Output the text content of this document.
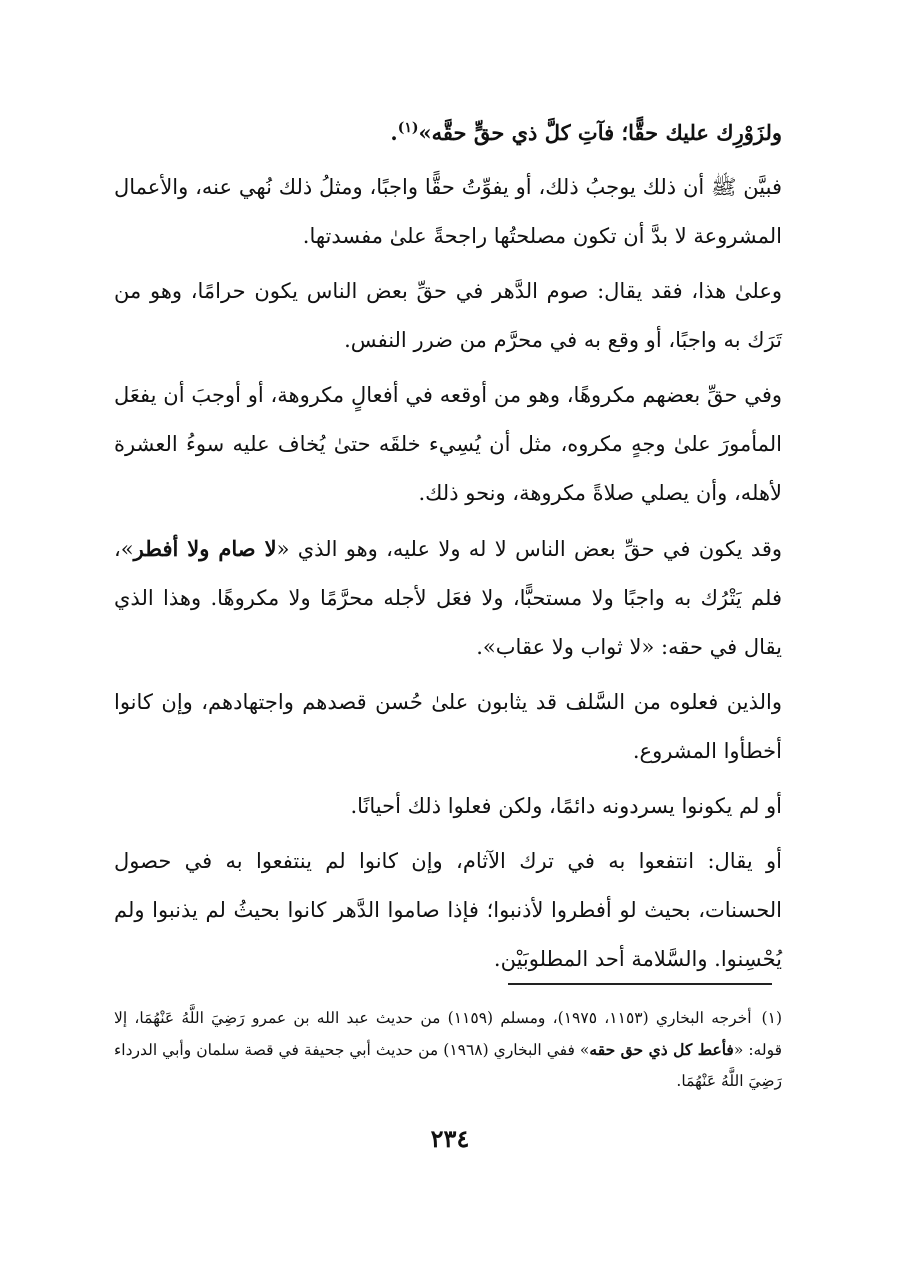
ولزَوْرِك عليك حقًّا؛ فآتِ كلَّ ذي حقٍّ حقَّه»$^{(١)}$.

فبيَّن ﷺ أن ذلك يوجبُ ذلك، أو يفوِّتُ حقًّا واجبًا، ومثلُ ذلك نُهي عنه، والأعمال المشروعة لا بدَّ أن تكون مصلحتُها راجحةً علىٰ مفسدتها.

وعلىٰ هذا، فقد يقال: صوم الدَّهر في حقِّ بعض الناس يكون حرامًا، وهو من تَرَك به واجبًا، أو وقع به في محرَّم من ضرر النفس.

وفي حقِّ بعضهم مكروهًا، وهو من أوقعه في أفعالٍ مكروهة، أو أوجبَ أن يفعَل المأمورَ علىٰ وجهٍ مكروه، مثل أن يُسِيء خلقَه حتىٰ يُخاف عليه سوءُ العشرة لأهله، وأن يصلي صلاةً مكروهة، ونحو ذلك.

وقد يكون في حقِّ بعض الناس لا له ولا عليه، وهو الذي «لا صام ولا أفطر»، فلم يَتْرُك به واجبًا ولا مستحبًّا، ولا فعَل لأجله محرَّمًا ولا مكروهًا. وهذا الذي يقال في حقه: «لا ثواب ولا عقاب».

والذين فعلوه من السَّلف قد يثابون علىٰ حُسن قصدهم واجتهادهم، وإن كانوا أخطأوا المشروع.

أو لم يكونوا يسردونه دائمًا، ولكن فعلوا ذلك أحيانًا.

أو يقال: انتفعوا به في ترك الآثام، وإن كانوا لم ينتفعوا به في حصول الحسنات، بحيث لو أفطروا لأذنبوا؛ فإذا صاموا الدَّهر كانوا بحيثُ لم يذنبوا ولم يُحْسِنوا. والسَّلامة أحد المطلوبَيْن.

(١)أخرجه البخاري (١١٥٣، ١٩٧٥)، ومسلم (١١٥٩) من حديث عبد الله بن عمرو رَضِيَ اللَّهُ عَنْهُمَا، إلا قوله: «فأعط كل ذي حق حقه» ففي البخاري (١٩٦٨) من حديث أبي جحيفة في قصة سلمان وأبي الدرداء رَضِيَ اللَّهُ عَنْهُمَا.
٢٣٤
